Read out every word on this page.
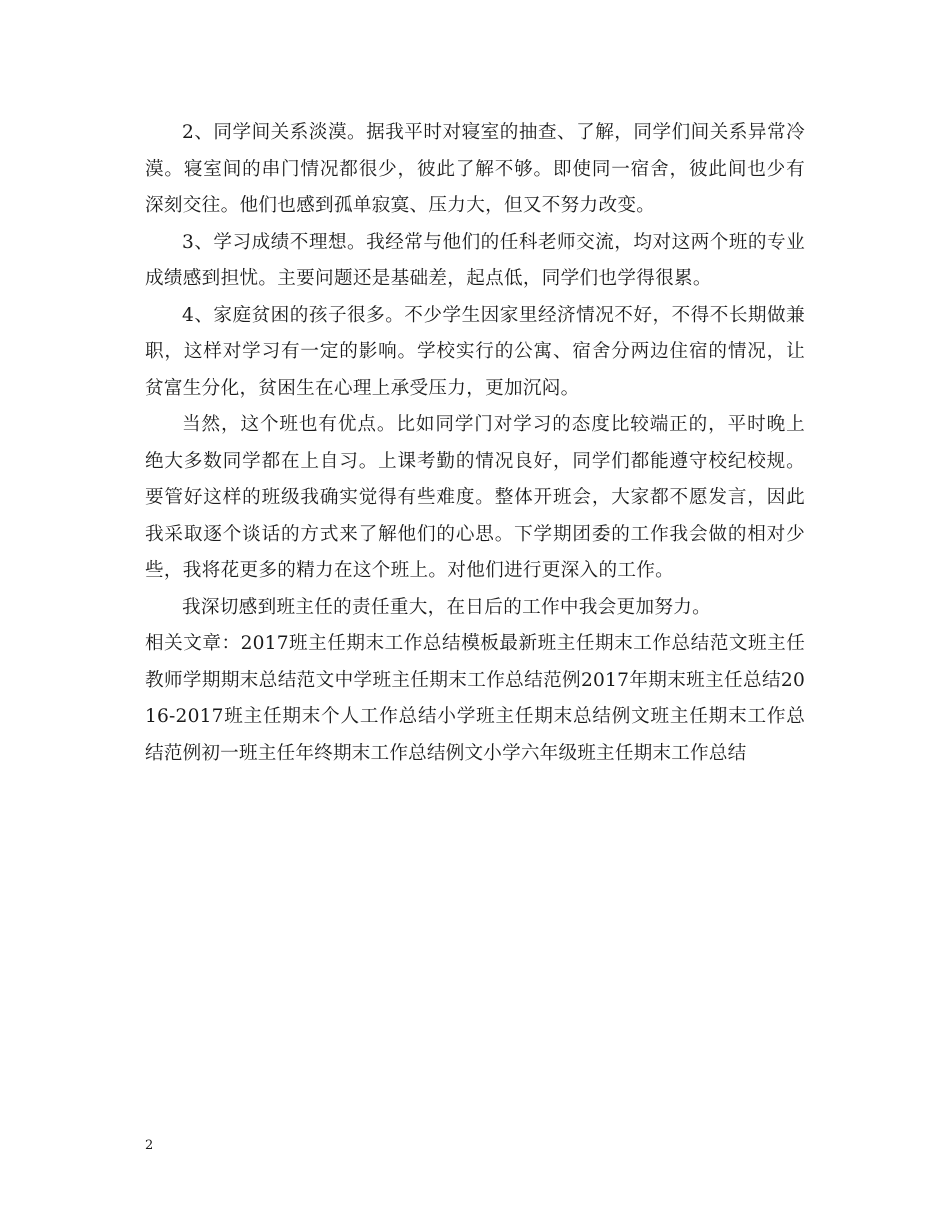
2、同学间关系淡漠。据我平时对寝室的抽查、了解，同学们间关系异常冷漠。寝室间的串门情况都很少，彼此了解不够。即使同一宿舍，彼此间也少有深刻交往。他们也感到孤单寂寞、压力大，但又不努力改变。

3、学习成绩不理想。我经常与他们的任科老师交流，均对这两个班的专业成绩感到担忧。主要问题还是基础差，起点低，同学们也学得很累。

4、家庭贫困的孩子很多。不少学生因家里经济情况不好，不得不长期做兼职，这样对学习有一定的影响。学校实行的公寓、宿舍分两边住宿的情况，让贫富生分化，贫困生在心理上承受压力，更加沉闷。

当然，这个班也有优点。比如同学门对学习的态度比较端正的，平时晚上绝大多数同学都在上自习。上课考勤的情况良好，同学们都能遵守校纪校规。要管好这样的班级我确实觉得有些难度。整体开班会，大家都不愿发言，因此我采取逐个谈话的方式来了解他们的心思。下学期团委的工作我会做的相对少些，我将花更多的精力在这个班上。对他们进行更深入的工作。

我深切感到班主任的责任重大，在日后的工作中我会更加努力。

相关文章：2017班主任期末工作总结模板最新班主任期末工作总结范文班主任教师学期期末总结范文中学班主任期末工作总结范例2017年期末班主任总结2016-2017班主任期末个人工作总结小学班主任期末总结例文班主任期末工作总结范例初一班主任年终期末工作总结例文小学六年级班主任期末工作总结

2
